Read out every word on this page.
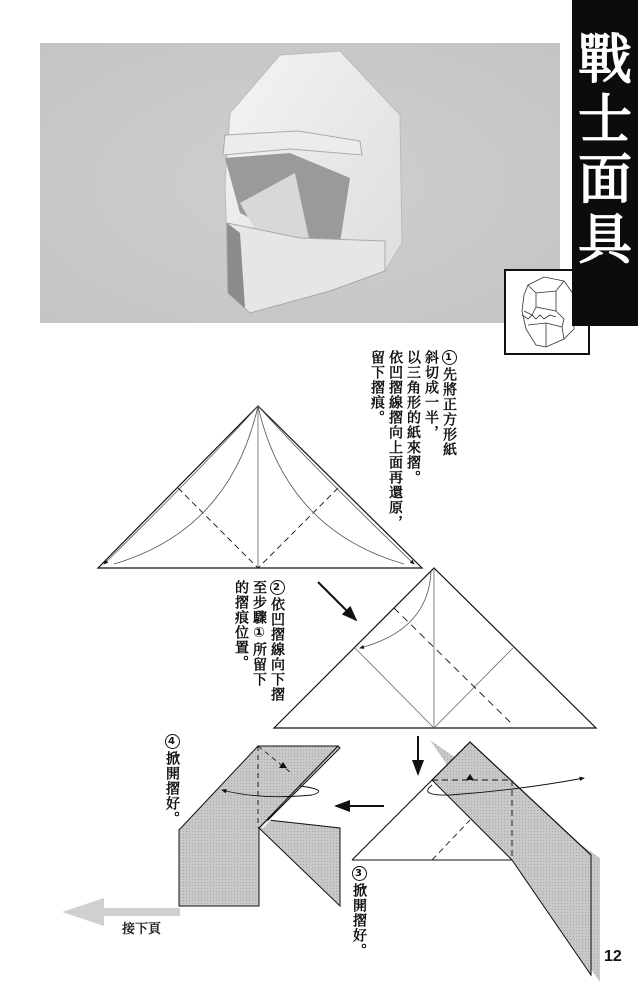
戰
士
面
具
1先將正方形紙
斜切成一半，
以三角形的紙來摺。
依凹摺線摺向上面再還原，
留下摺痕。
2依凹摺線向下摺
至步驟①所留下
的摺痕位置。
4掀開摺好。
3掀開摺好。
接下頁
12
